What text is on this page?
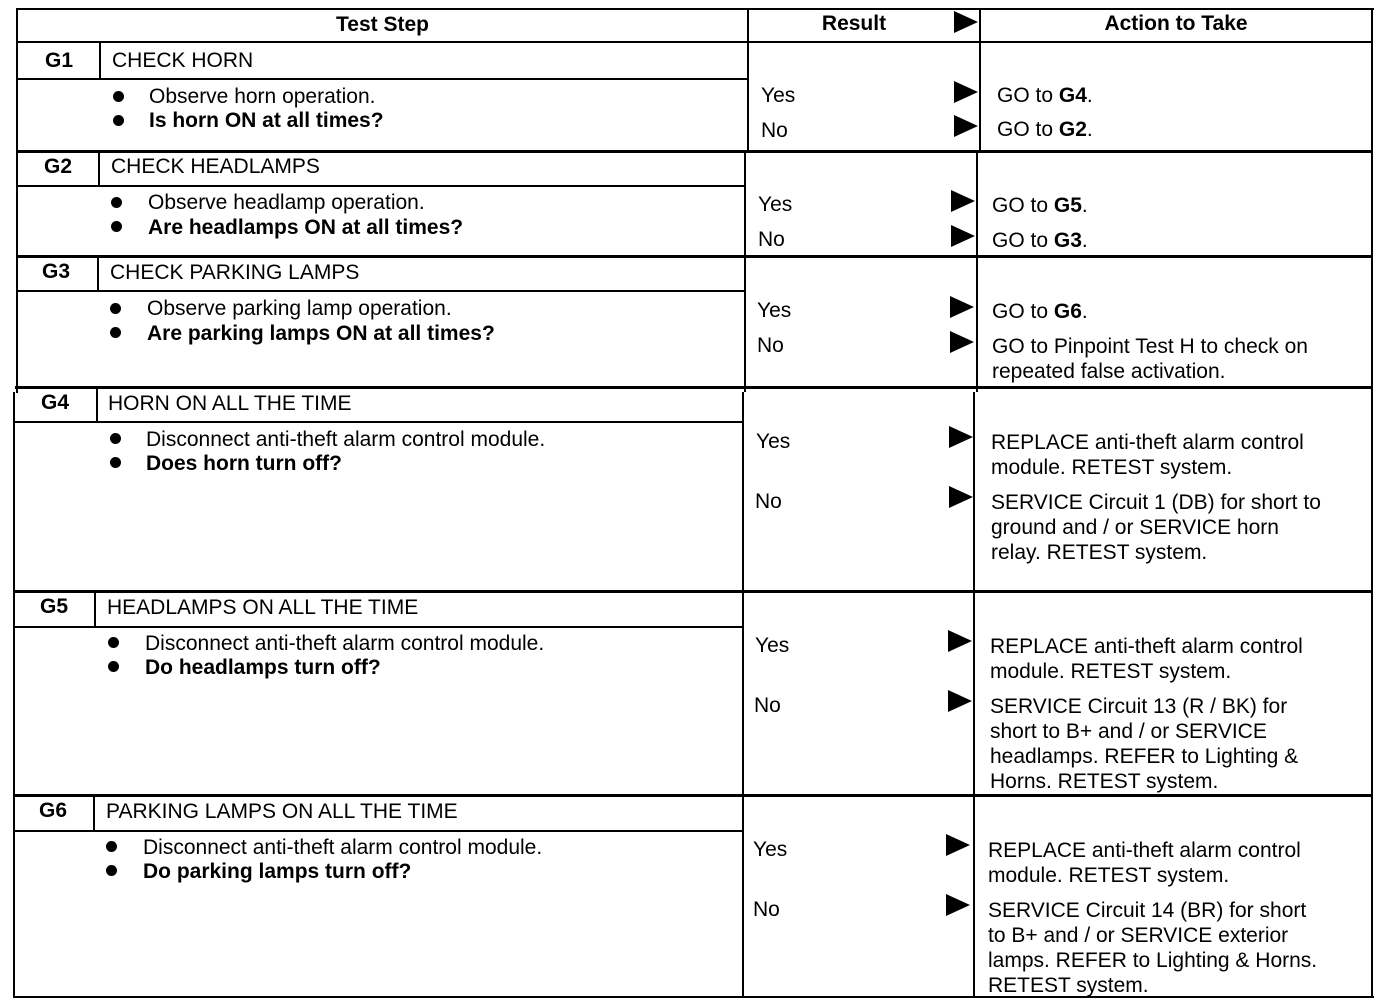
Test Step	Result	Action to Take
G1	CHECK HORN
Observe horn operation.
Is horn ON at all times?
Yes	GO to G4.
No	GO to G2.
G2	CHECK HEADLAMPS
Observe headlamp operation.
Are headlamps ON at all times?
Yes	GO to G5.
No	GO to G3.
G3	CHECK PARKING LAMPS
Observe parking lamp operation.
Are parking lamps ON at all times?
Yes	GO to G6.
No	GO to Pinpoint Test H to check on
repeated false activation.
G4	HORN ON ALL THE TIME
Disconnect anti-theft alarm control module.
Does horn turn off?
Yes	REPLACE anti-theft alarm control
module. RETEST system.
No	SERVICE Circuit 1 (DB) for short to
ground and / or SERVICE horn
relay. RETEST system.
G5	HEADLAMPS ON ALL THE TIME
Disconnect anti-theft alarm control module.
Do headlamps turn off?
Yes	REPLACE anti-theft alarm control
module. RETEST system.
No	SERVICE Circuit 13 (R / BK) for
short to B+ and / or SERVICE
headlamps. REFER to Lighting &
Horns. RETEST system.
G6	PARKING LAMPS ON ALL THE TIME
Disconnect anti-theft alarm control module.
Do parking lamps turn off?
Yes	REPLACE anti-theft alarm control
module. RETEST system.
No	SERVICE Circuit 14 (BR) for short
to B+ and / or SERVICE exterior
lamps. REFER to Lighting & Horns.
RETEST system.
